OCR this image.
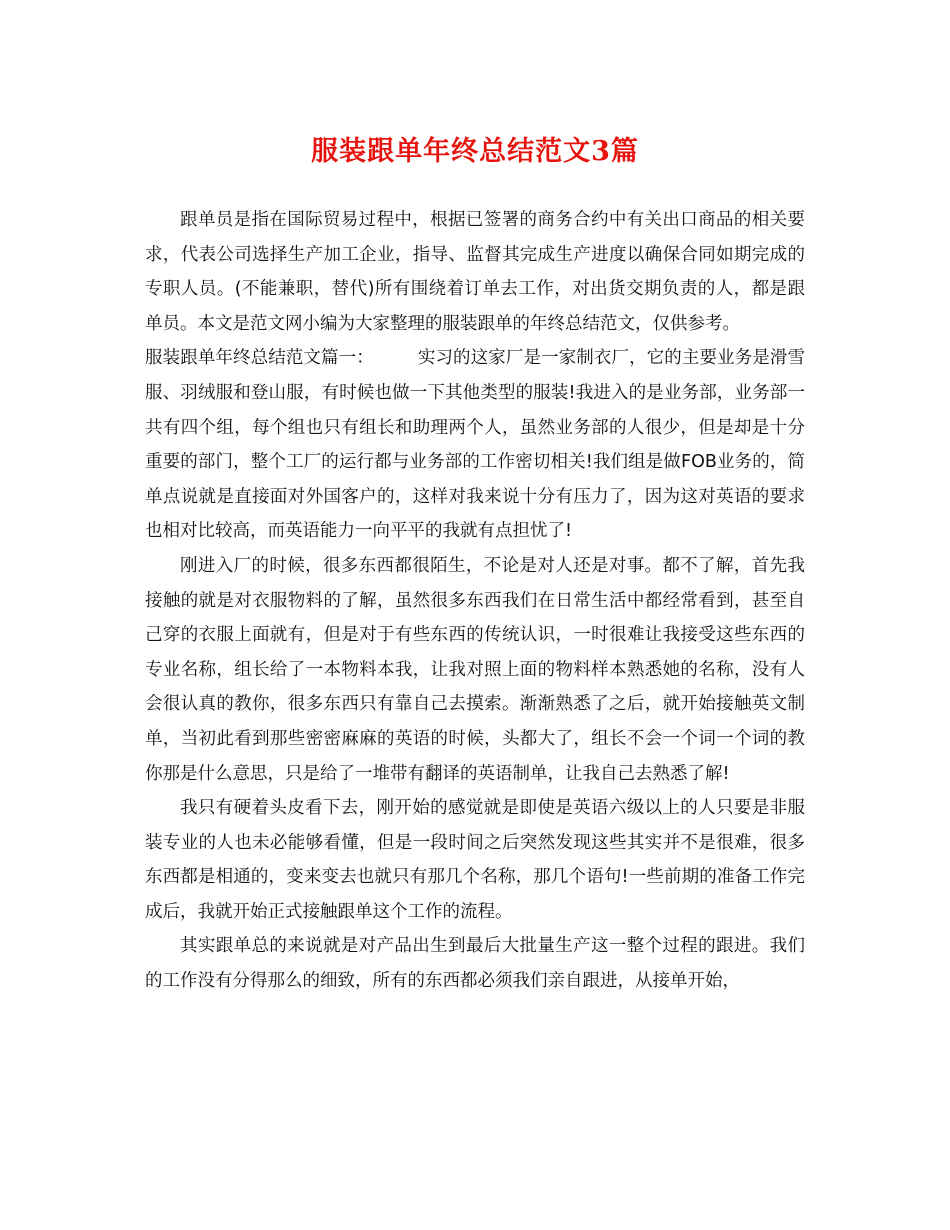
服装跟单年终总结范文3篇

跟单员是指在国际贸易过程中，根据已签署的商务合约中有关出口商品的相关要求，代表公司选择生产加工企业，指导、监督其完成生产进度以确保合同如期完成的专职人员。(不能兼职，替代)所有围绕着订单去工作，对出货交期负责的人，都是跟单员。本文是范文网小编为大家整理的服装跟单的年终总结范文，仅供参考。

服装跟单年终总结范文篇一：	实习的这家厂是一家制衣厂，它的主要业务是滑雪服、羽绒服和登山服，有时候也做一下其他类型的服装!我进入的是业务部，业务部一共有四个组，每个组也只有组长和助理两个人，虽然业务部的人很少，但是却是十分重要的部门，整个工厂的运行都与业务部的工作密切相关!我们组是做FOB业务的，简单点说就是直接面对外国客户的，这样对我来说十分有压力了，因为这对英语的要求也相对比较高，而英语能力一向平平的我就有点担忧了!

刚进入厂的时候，很多东西都很陌生，不论是对人还是对事。都不了解，首先我接触的就是对衣服物料的了解，虽然很多东西我们在日常生活中都经常看到，甚至自己穿的衣服上面就有，但是对于有些东西的传统认识，一时很难让我接受这些东西的专业名称，组长给了一本物料本我，让我对照上面的物料样本熟悉她的名称，没有人会很认真的教你，很多东西只有靠自己去摸索。渐渐熟悉了之后，就开始接触英文制单，当初此看到那些密密麻麻的英语的时候，头都大了，组长不会一个词一个词的教你那是什么意思，只是给了一堆带有翻译的英语制单，让我自己去熟悉了解!

我只有硬着头皮看下去，刚开始的感觉就是即使是英语六级以上的人只要是非服装专业的人也未必能够看懂，但是一段时间之后突然发现这些其实并不是很难，很多东西都是相通的，变来变去也就只有那几个名称，那几个语句!一些前期的准备工作完成后，我就开始正式接触跟单这个工作的流程。

其实跟单总的来说就是对产品出生到最后大批量生产这一整个过程的跟进。我们的工作没有分得那么的细致，所有的东西都必须我们亲自跟进，从接单开始，
